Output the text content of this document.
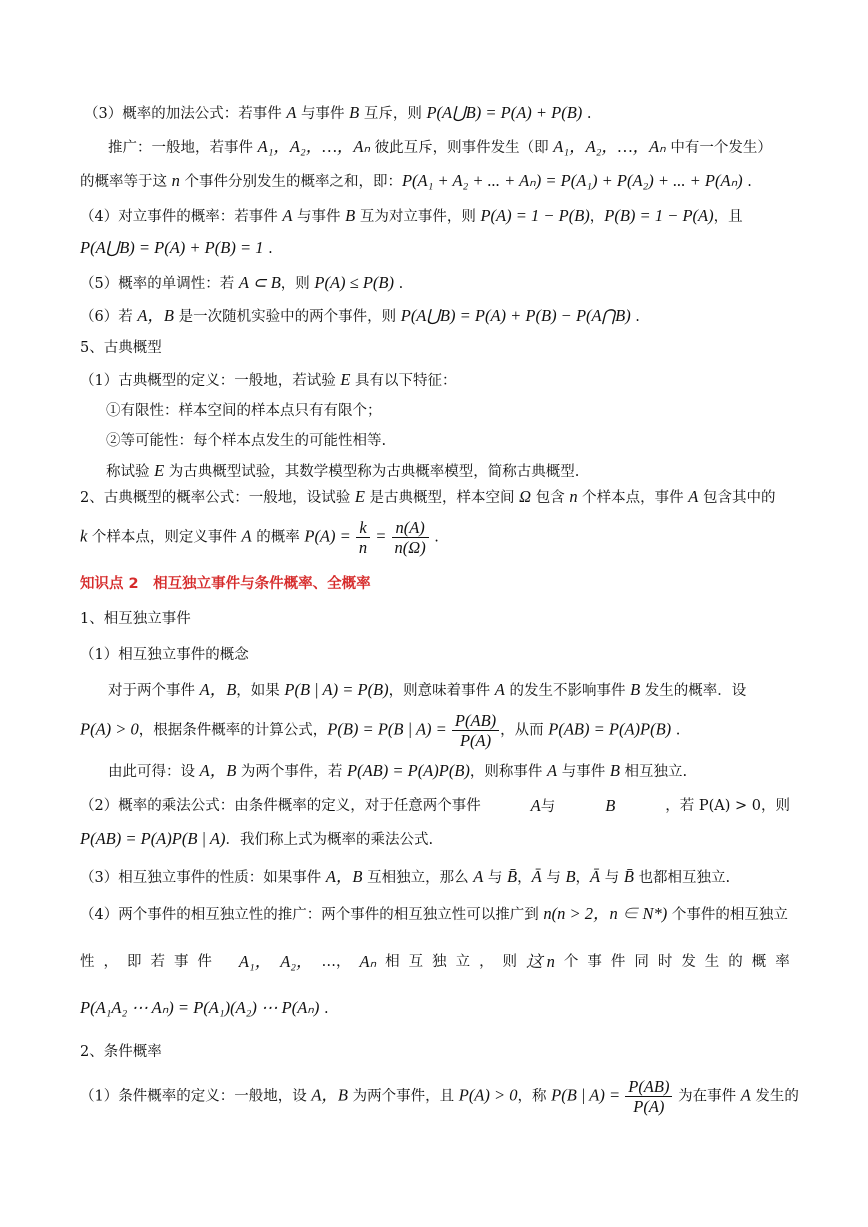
（3）概率的加法公式：若事件 A 与事件 B 互斥，则 P(A⋃B) = P(A) + P(B) .
推广：一般地，若事件 A₁，A₂，…，Aₙ 彼此互斥，则事件发生（即 A₁，A₂，…，Aₙ 中有一个发生）
的概率等于这 n 个事件分别发生的概率之和，即：P(A₁ + A₂ + ... + Aₙ) = P(A₁) + P(A₂) + ... + P(Aₙ) .
（4）对立事件的概率：若事件 A 与事件 B 互为对立事件，则 P(A) = 1 − P(B)，P(B) = 1 − P(A)，且
P(A⋃B) = P(A) + P(B) = 1 .
（5）概率的单调性：若 A ⊂ B，则 P(A) ≤ P(B) .
（6）若 A，B 是一次随机实验中的两个事件，则 P(A⋃B) = P(A) + P(B) − P(A⋂B) .
5、古典概型
（1）古典概型的定义：一般地，若试验 E 具有以下特征：
①有限性：样本空间的样本点只有有限个；
②等可能性：每个样本点发生的可能性相等.
称试验 E 为古典概型试验，其数学模型称为古典概率模型，简称古典概型.
2、古典概型的概率公式：一般地，设试验 E 是古典概型，样本空间 Ω 包含 n 个样本点，事件 A 包含其中的
k 个样本点，则定义事件 A 的概率 $P(A) = \frac{k}{n} = \frac{n(A)}{n(\Omega)}$ .
知识点 2　相互独立事件与条件概率、全概率
1、相互独立事件
（1）相互独立事件的概念
对于两个事件 A，B，如果 P(B | A) = P(B)，则意味着事件 A 的发生不影响事件 B 发生的概率．设
P(A) > 0，根据条件概率的计算公式，P(B) = P(B | $A) = \frac{P(AB)}{P(A)}$ ，从而 P(AB) = P(A)P(B) .
由此可得：设 A，B 为两个事件，若 P(AB) = P(A)P(B)，则称事件 A 与事件 B 相互独立.
（2）概率的乘法公式：由条件概率的定义，对于任意两个事件	A与	B	，若 P(A) > 0，则
P(AB) = P(A)P(B | A)．我们称上式为概率的乘法公式.
（3）相互独立事件的性质：如果事件 A，B 互相独立，那么 A 与 B̄，Ā 与 B，Ā 与 B̄ 也都相互独立.
（4）两个事件的相互独立性的推广：两个事件的相互独立性可以推广到 n(n > 2，n ∈ N*) 个事件的相互独立
性 ， 即 若 事 件 A₁， A₂， …， Aₙ 相 互 独 立 ， 则 这 n 个 事 件 同 时 发 生 的 概 率
P(A₁A₂ ⋯ Aₙ) = P(A₁)(A₂) ⋯ P(Aₙ) .
2、条件概率
（1）条件概率的定义：一般地，设 A，B 为两个事件，且 P(A) > 0，称 P(B | $A) = \frac{P(AB)}{P(A)}$ 为在事件 A 发生的
